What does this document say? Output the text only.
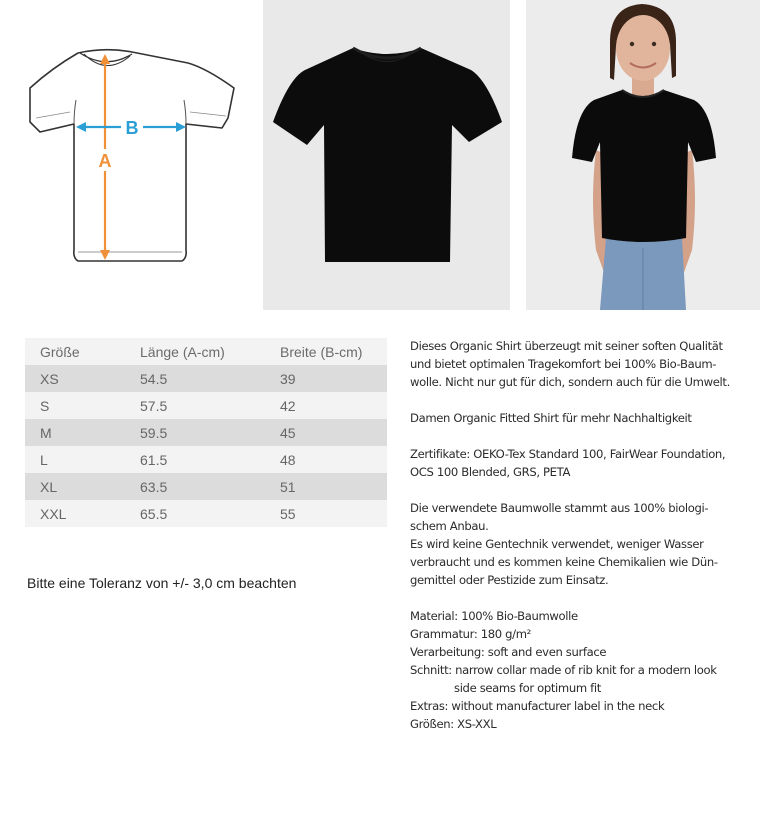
A
B
Größe	Länge (A-cm)	Breite (B-cm)
XS	54.5	39
S	57.5	42
M	59.5	45
L	61.5	48
XL	63.5	51
XXL	65.5	55
Bitte eine Toleranz von +/- 3,0 cm beachten

Dieses Organic Shirt überzeugt mit seiner soften Qualität
und bietet optimalen Tragekomfort bei 100% Bio-Baum-
wolle. Nicht nur gut für dich, sondern auch für die Umwelt.

Damen Organic Fitted Shirt für mehr Nachhaltigkeit

Zertifikate: OEKO-Tex Standard 100, FairWear Foundation,
OCS 100 Blended, GRS, PETA

Die verwendete Baumwolle stammt aus 100% biologi-
schem Anbau.
Es wird keine Gentechnik verwendet, weniger Wasser
verbraucht und es kommen keine Chemikalien wie Dün-
gemittel oder Pestizide zum Einsatz.

Material: 100% Bio-Baumwolle
Grammatur: 180 g/m²
Verarbeitung: soft and even surface
Schnitt: narrow collar made of rib knit for a modern look
side seams for optimum fit
Extras: without manufacturer label in the neck
Größen: XS-XXL
